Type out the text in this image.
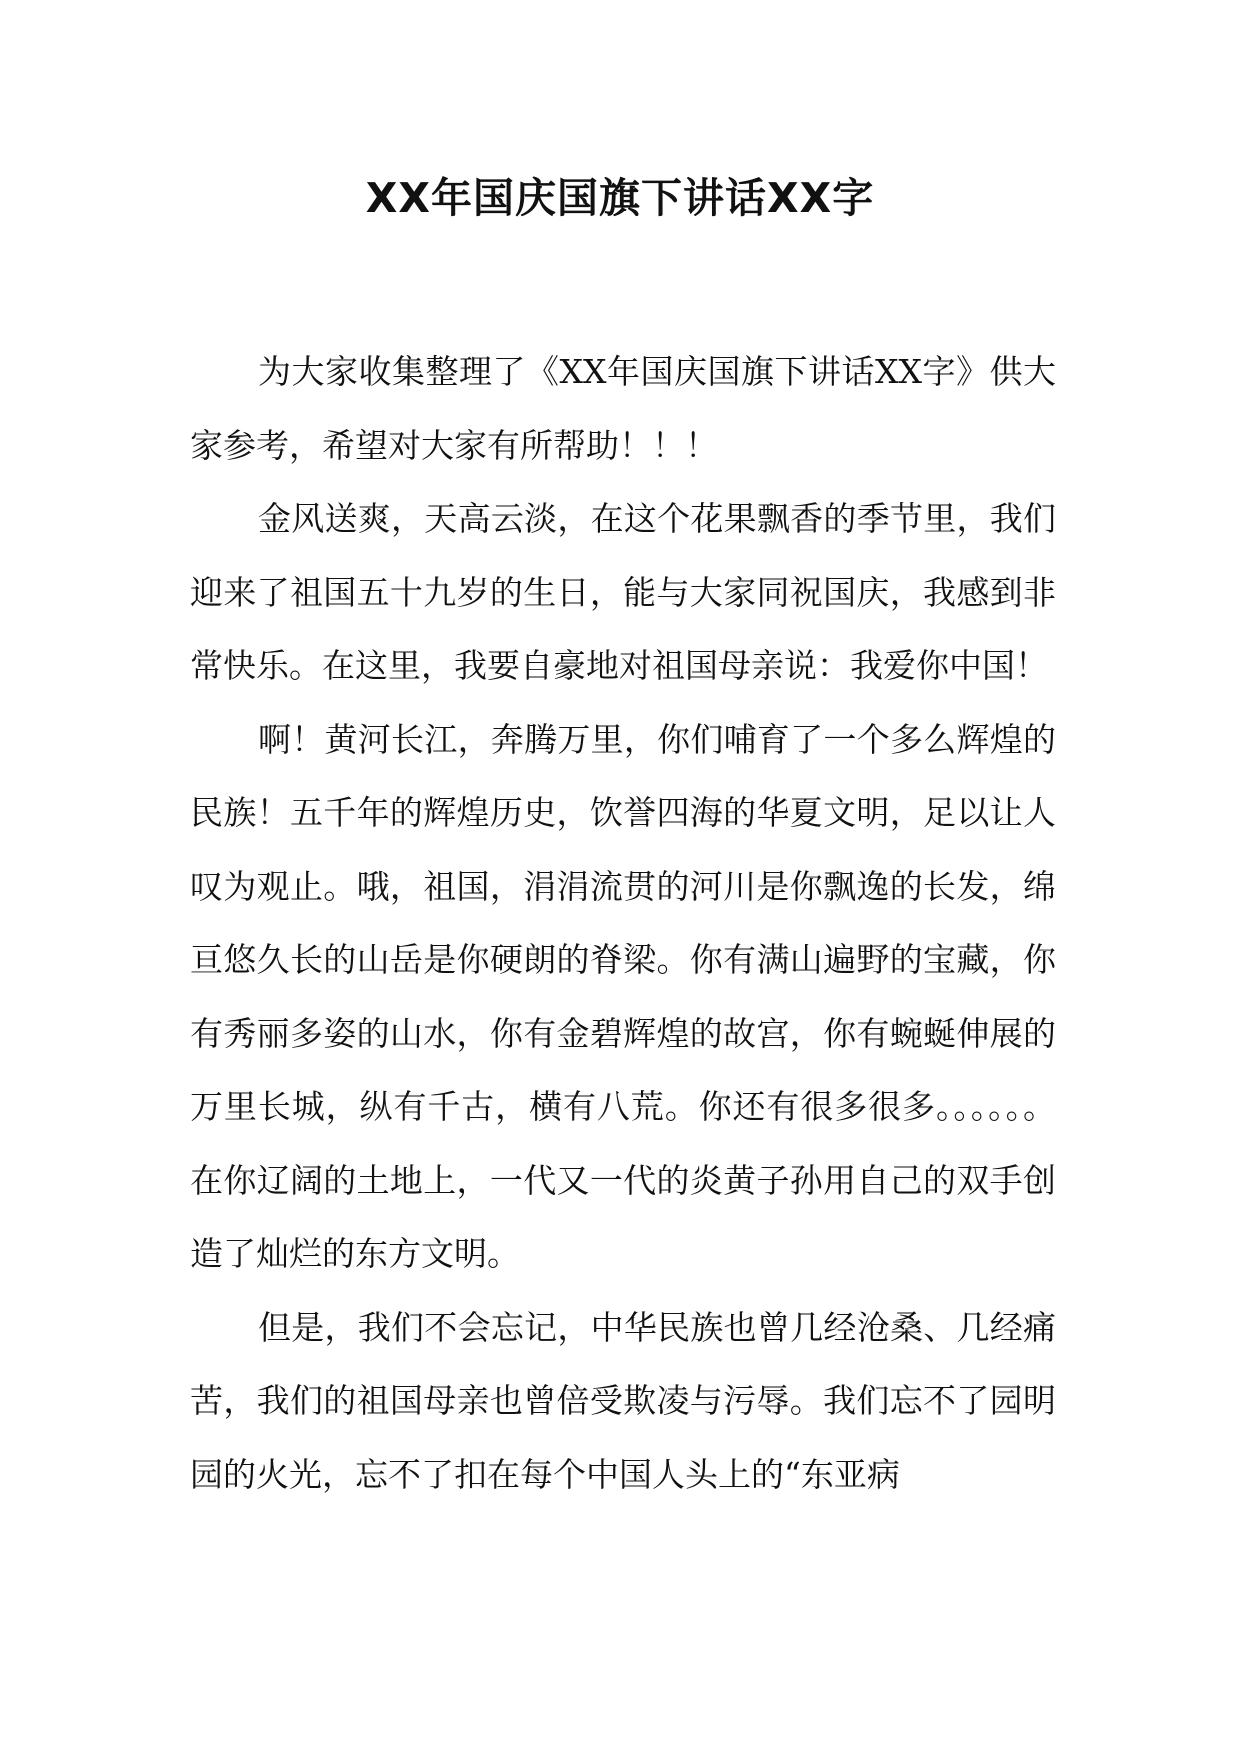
XX年国庆国旗下讲话XX字

为大家收集整理了《XX年国庆国旗下讲话XX字》供大家参考，希望对大家有所帮助！！！

金风送爽，天高云淡，在这个花果飘香的季节里，我们迎来了祖国五十九岁的生日，能与大家同祝国庆，我感到非常快乐。在这里，我要自豪地对祖国母亲说：我爱你中国！

啊！黄河长江，奔腾万里，你们哺育了一个多么辉煌的民族！五千年的辉煌历史，饮誉四海的华夏文明，足以让人叹为观止。哦，祖国，涓涓流贯的河川是你飘逸的长发，绵亘悠久长的山岳是你硬朗的脊梁。你有满山遍野的宝藏，你有秀丽多姿的山水，你有金碧辉煌的故宫，你有蜿蜒伸展的万里长城，纵有千古，横有八荒。你还有很多很多。。。。。。在你辽阔的土地上，一代又一代的炎黄子孙用自己的双手创造了灿烂的东方文明。

但是，我们不会忘记，中华民族也曾几经沧桑、几经痛苦，我们的祖国母亲也曾倍受欺凌与污辱。我们忘不了园明园的火光，忘不了扣在每个中国人头上的“东亚病
